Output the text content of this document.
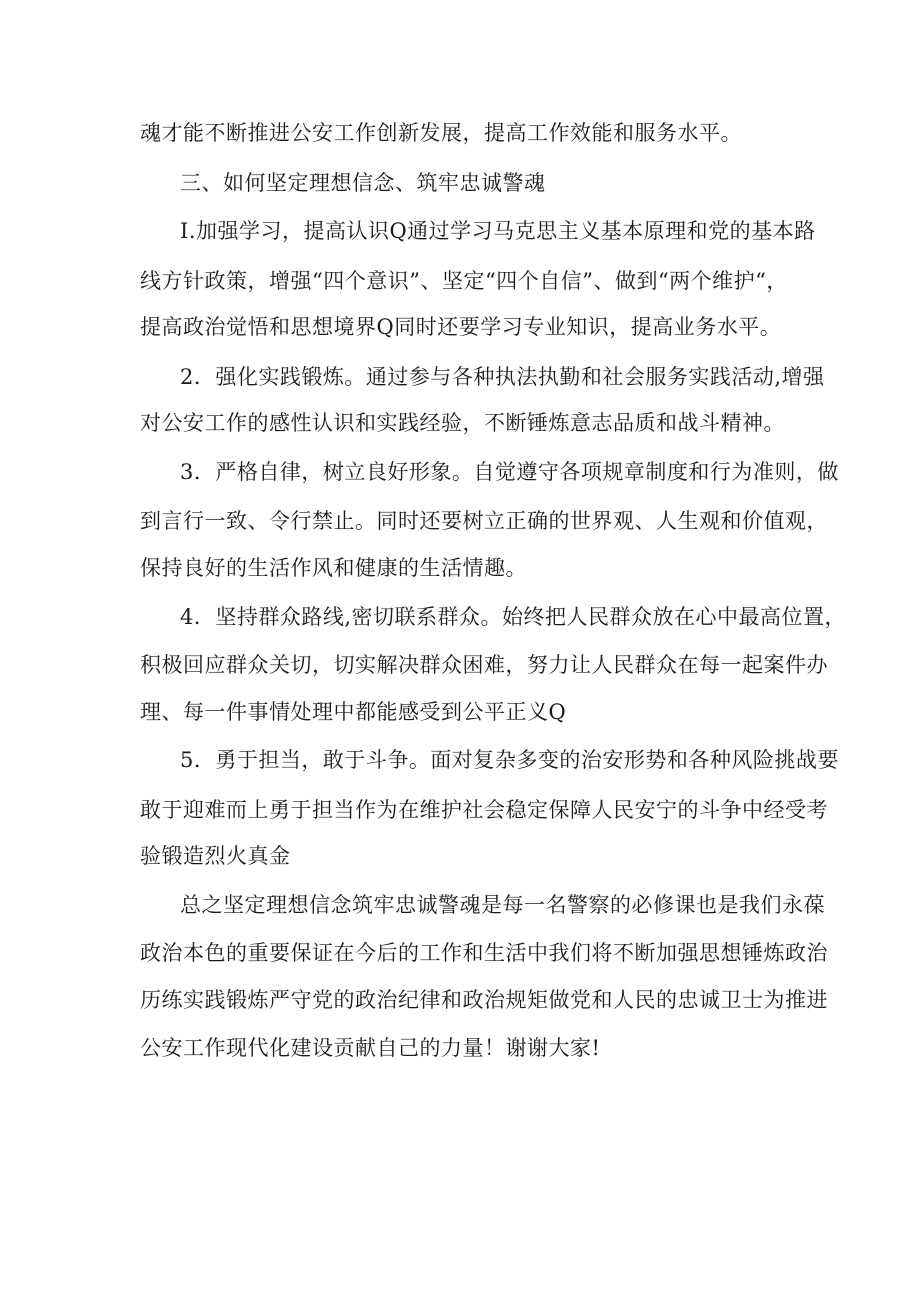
魂才能不断推进公安工作创新发展，提高工作效能和服务水平。

三、如何坚定理想信念、筑牢忠诚警魂

I.加强学习，提高认识Q通过学习马克思主义基本原理和党的基本路

线方针政策，增强“四个意识”、坚定“四个自信”、做到“两个维护“，

提高政治觉悟和思想境界Q同时还要学习专业知识，提高业务水平。

2．强化实践锻炼。通过参与各种执法执勤和社会服务实践活动,增强

对公安工作的感性认识和实践经验，不断锤炼意志品质和战斗精神。

3．严格自律，树立良好形象。自觉遵守各项规章制度和行为准则，做

到言行一致、令行禁止。同时还要树立正确的世界观、人生观和价值观，

保持良好的生活作风和健康的生活情趣。

4．坚持群众路线,密切联系群众。始终把人民群众放在心中最高位置，

积极回应群众关切，切实解决群众困难，努力让人民群众在每一起案件办

理、每一件事情处理中都能感受到公平正义Q

5．勇于担当，敢于斗争。面对复杂多变的治安形势和各种风险挑战要

敢于迎难而上勇于担当作为在维护社会稳定保障人民安宁的斗争中经受考

验锻造烈火真金

总之坚定理想信念筑牢忠诚警魂是每一名警察的必修课也是我们永葆

政治本色的重要保证在今后的工作和生活中我们将不断加强思想锤炼政治

历练实践锻炼严守党的政治纪律和政治规矩做党和人民的忠诚卫士为推进

公安工作现代化建设贡献自己的力量！谢谢大家!
